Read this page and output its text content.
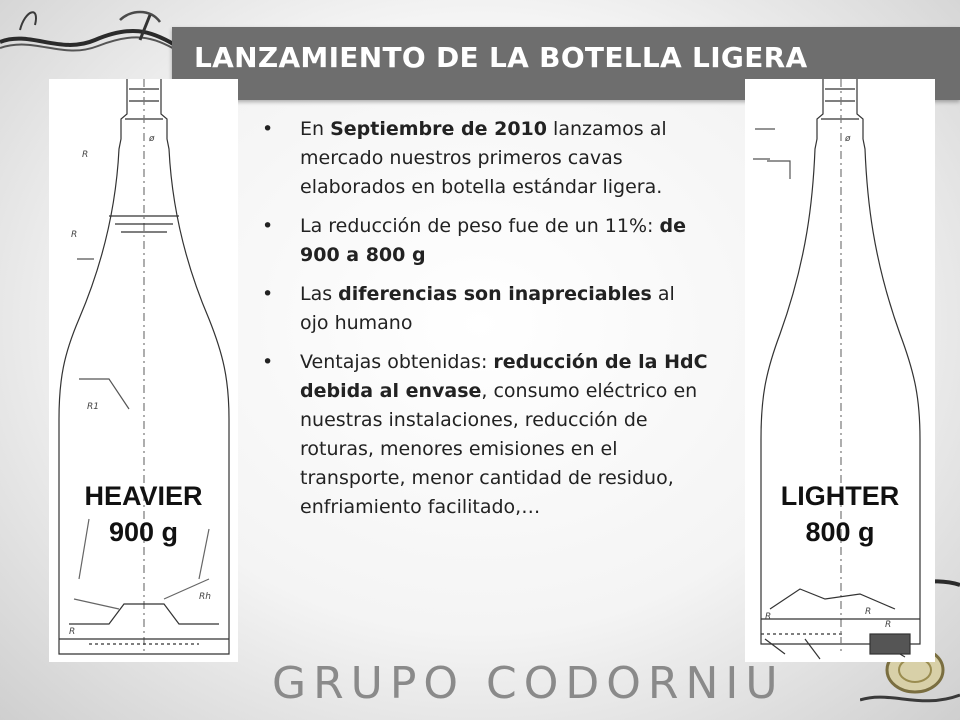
LANZAMIENTO DE LA BOTELLA LIGERA
ø
R
R
R1
Rh
R
ø
R	R
R
HEAVIER
900 g
LIGHTER
800 g
• En Septiembre de 2010 lanzamos al mercado nuestros primeros cavas elaborados en botella estándar ligera.
• La reducción de peso fue de un 11%: de 900 a 800 g
• Las diferencias son inapreciables al ojo humano
• Ventajas obtenidas: reducción de la HdC debida al envase, consumo eléctrico en nuestras instalaciones, reducción de roturas, menores emisiones en el transporte, menor cantidad de residuo, enfriamiento facilitado,…
GRUPO CODORNIU
